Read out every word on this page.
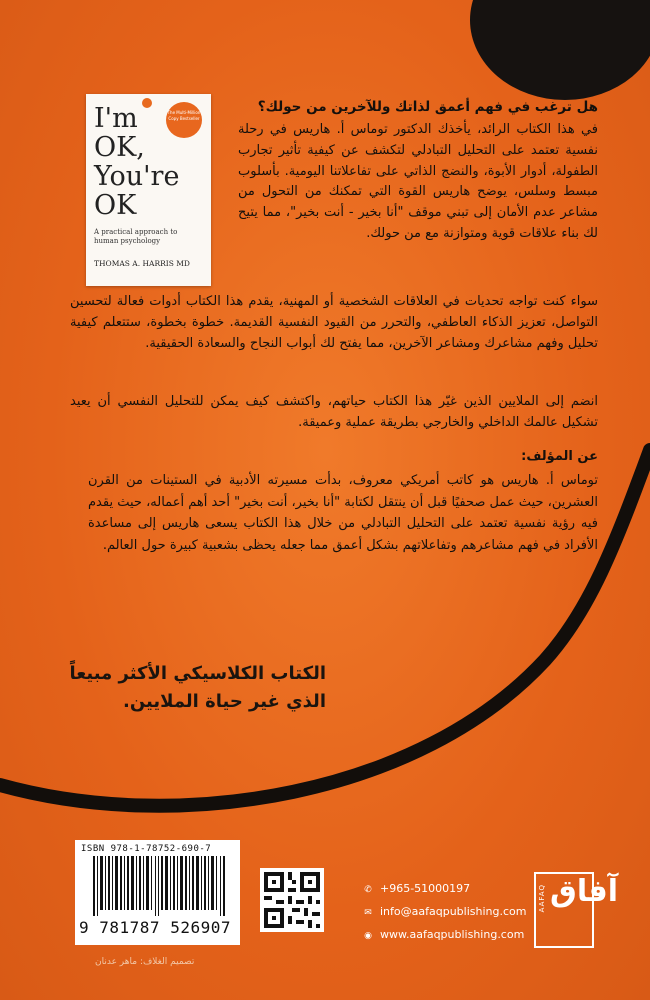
The Multi-Million Copy Bestseller
I'm
OK,
You're
OK
A practical approach to human psychology
THOMAS A. HARRIS MD
هل ترغب في فهم أعمق لذاتك وللآخرين من حولك؟
في هذا الكتاب الرائد، يأخذك الدكتور توماس أ. هاريس في رحلة نفسية تعتمد على التحليل التبادلي لتكشف عن كيفية تأثير تجارب الطفولة، أدوار الأبوة، والنضج الذاتي على تفاعلاتنا اليومية. بأسلوب مبسط وسلس، يوضح هاريس القوة التي تمكنك من التحول من مشاعر عدم الأمان إلى تبني موقف "أنا بخير - أنت بخير"، مما يتيح لك بناء علاقات قوية ومتوازنة مع من حولك.
سواء كنت تواجه تحديات في العلاقات الشخصية أو المهنية، يقدم هذا الكتاب أدوات فعالة لتحسين التواصل، تعزيز الذكاء العاطفي، والتحرر من القيود النفسية القديمة. خطوة بخطوة، ستتعلم كيفية تحليل وفهم مشاعرك ومشاعر الآخرين، مما يفتح لك أبواب النجاح والسعادة الحقيقية.
انضم إلى الملايين الذين غيّر هذا الكتاب حياتهم، واكتشف كيف يمكن للتحليل النفسي أن يعيد تشكيل عالمك الداخلي والخارجي بطريقة عملية وعميقة.
عن المؤلف:
توماس أ. هاريس هو كاتب أمريكي معروف، بدأت مسيرته الأدبية في الستينات من القرن العشرين، حيث عمل صحفيًا قبل أن ينتقل لكتابة "أنا بخير، أنت بخير" أحد أهم أعماله، حيث يقدم فيه رؤية نفسية تعتمد على التحليل التبادلي من خلال هذا الكتاب يسعى هاريس إلى مساعدة الأفراد في فهم مشاعرهم وتفاعلاتهم بشكل أعمق مما جعله يحظى بشعبية كبيرة حول العالم.
الكتاب الكلاسيكي الأكثر مبيعاً
الذي غير حياة الملايين.
ISBN 978-1-78752-690-7
9 781787 526907
✆ +965-51000197
✉ info@aafaqpublishing.com
◉ www.aafaqpublishing.com
AAFAQ آفاق
تصميم الغلاف: ماهر عدنان
